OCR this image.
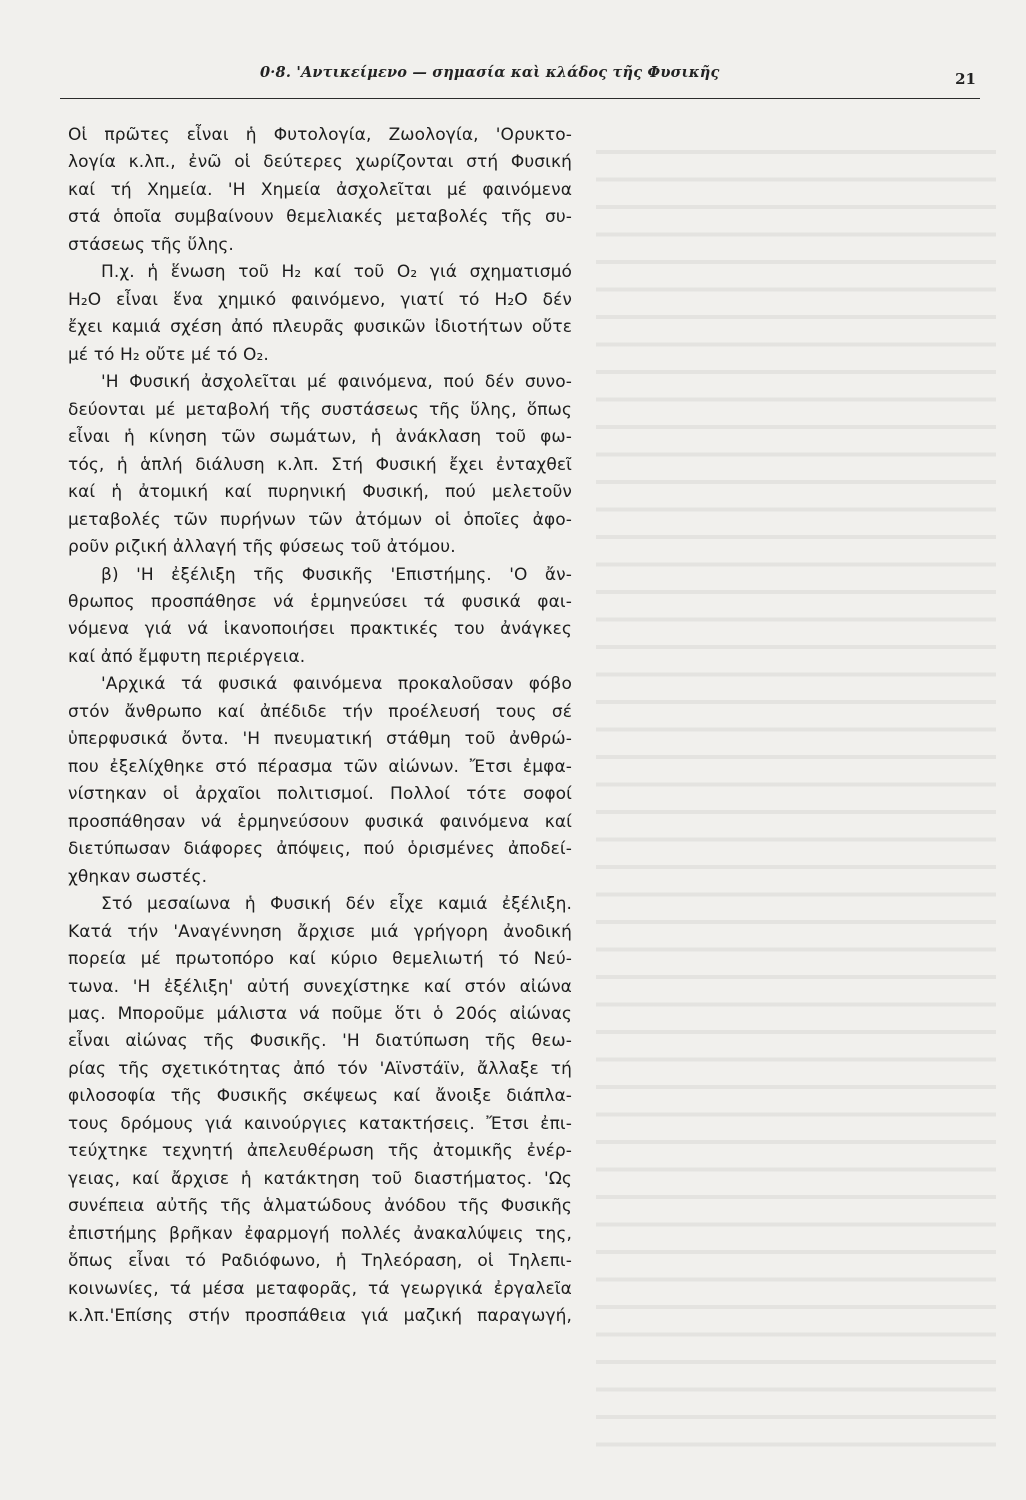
0·8. 'Αντικείμενο — σημασία καὶ κλάδος τῆς Φυσικῆς	21
Οἱ πρῶτες εἶναι ἡ Φυτολογία, Ζωολογία, 'Ορυκτο-
λογία κ.λπ., ἐνῶ οἱ δεύτερες χωρίζονται στή Φυσική
καί τή Χημεία. 'Η Χημεία ἀσχολεῖται μέ φαινόμενα
στά ὁποῖα συμβαίνουν θεμελιακές μεταβολές τῆς συ-
στάσεως τῆς ὕλης.
Π.χ. ἡ ἕνωση τοῦ H₂ καί τοῦ O₂ γιά σχηματισμό
H₂O εἶναι ἕνα χημικό φαινόμενο, γιατί τό H₂O δέν
ἔχει καμιά σχέση ἀπό πλευρᾶς φυσικῶν ἰδιοτήτων οὔτε
μέ τό H₂ οὔτε μέ τό O₂.
'Η Φυσική ἀσχολεῖται μέ φαινόμενα, πού δέν συνο-
δεύονται μέ μεταβολή τῆς συστάσεως τῆς ὕλης, ὅπως
εἶναι ἡ κίνηση τῶν σωμάτων, ἡ ἀνάκλαση τοῦ φω-
τός, ἡ ἁπλή διάλυση κ.λπ. Στή Φυσική ἔχει ἐνταχθεῖ
καί ἡ ἀτομική καί πυρηνική Φυσική, πού μελετοῦν
μεταβολές τῶν πυρήνων τῶν ἀτόμων οἱ ὁποῖες ἀφο-
ροῦν ριζική ἀλλαγή τῆς φύσεως τοῦ ἀτόμου.
β) 'Η ἐξέλιξη τῆς Φυσικῆς 'Επιστήμης. 'Ο ἄν-
θρωπος προσπάθησε νά ἑρμηνεύσει τά φυσικά φαι-
νόμενα γιά νά ἱκανοποιήσει πρακτικές του ἀνάγκες
καί ἀπό ἔμφυτη περιέργεια.
'Αρχικά τά φυσικά φαινόμενα προκαλοῦσαν φόβο
στόν ἄνθρωπο καί ἀπέδιδε τήν προέλευσή τους σέ
ὑπερφυσικά ὄντα. 'Η πνευματική στάθμη τοῦ ἀνθρώ-
που ἐξελίχθηκε στό πέρασμα τῶν αἰώνων. Ἔτσι ἐμφα-
νίστηκαν οἱ ἀρχαῖοι πολιτισμοί. Πολλοί τότε σοφοί
προσπάθησαν νά ἑρμηνεύσουν φυσικά φαινόμενα καί
διετύπωσαν διάφορες ἀπόψεις, πού ὁρισμένες ἀποδεί-
χθηκαν σωστές.
Στό μεσαίωνα ἡ Φυσική δέν εἶχε καμιά ἐξέλιξη.
Κατά τήν 'Αναγέννηση ἄρχισε μιά γρήγορη ἀνοδική
πορεία μέ πρωτοπόρο καί κύριο θεμελιωτή τό Νεύ-
τωνα. 'Η ἐξέλιξη' αὐτή συνεχίστηκε καί στόν αἰώνα
μας. Μποροῦμε μάλιστα νά ποῦμε ὅτι ὁ 20ός αἰώνας
εἶναι αἰώνας τῆς Φυσικῆς. 'Η διατύπωση τῆς θεω-
ρίας τῆς σχετικότητας ἀπό τόν 'Αϊνστάϊν, ἄλλαξε τή
φιλοσοφία τῆς Φυσικῆς σκέψεως καί ἄνοιξε διάπλα-
τους δρόμους γιά καινούργιες κατακτήσεις. Ἔτσι ἐπι-
τεύχτηκε τεχνητή ἀπελευθέρωση τῆς ἀτομικῆς ἐνέρ-
γειας, καί ἄρχισε ἡ κατάκτηση τοῦ διαστήματος. 'Ως
συνέπεια αὐτῆς τῆς ἁλματώδους ἀνόδου τῆς Φυσικῆς
ἐπιστήμης βρῆκαν ἐφαρμογή πολλές ἀνακαλύψεις της,
ὅπως εἶναι τό Ραδιόφωνο, ἡ Τηλεόραση, οἱ Τηλεπι-
κοινωνίες, τά μέσα μεταφορᾶς, τά γεωργικά ἐργαλεῖα
κ.λπ.'Επίσης στήν προσπάθεια γιά μαζική παραγωγή,
